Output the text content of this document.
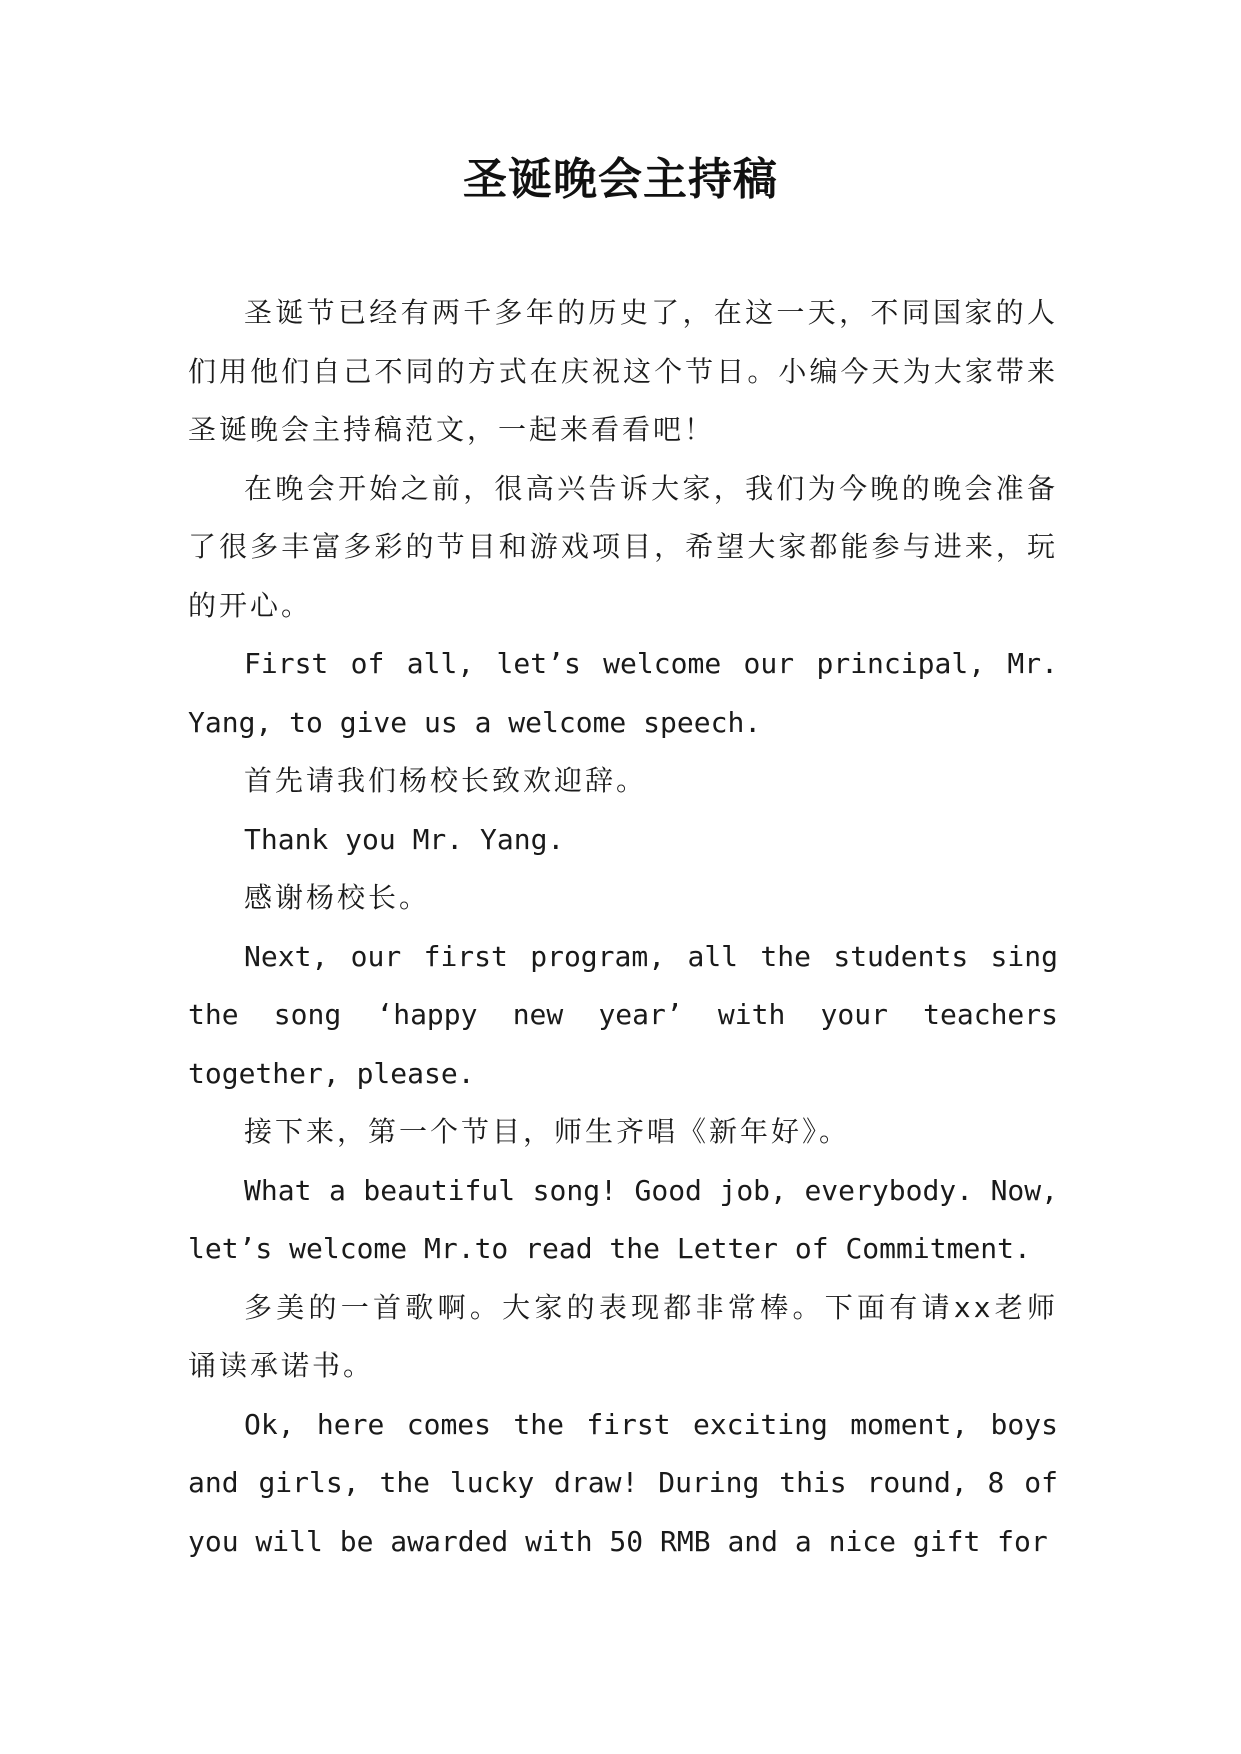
圣诞晚会主持稿

圣诞节已经有两千多年的历史了，在这一天，不同国家的人们用他们自己不同的方式在庆祝这个节日。小编今天为大家带来圣诞晚会主持稿范文，一起来看看吧！

在晚会开始之前，很高兴告诉大家，我们为今晚的晚会准备了很多丰富多彩的节目和游戏项目，希望大家都能参与进来，玩的开心。

First of all, let’s welcome our principal, Mr. Yang, to give us a welcome speech.

首先请我们杨校长致欢迎辞。

Thank you Mr. Yang.

感谢杨校长。

Next, our first program, all the students sing the song ‘happy new year’ with your teachers together, please.

接下来，第一个节目，师生齐唱《新年好》。

What a beautiful song! Good job, everybody. Now, let’s welcome Mr.to read the Letter of Commitment.

多美的一首歌啊。大家的表现都非常棒。下面有请xx老师诵读承诺书。

Ok, here comes the first exciting moment, boys and girls, the lucky draw! During this round, 8 of you will be awarded with 50 RMB and a nice gift for
